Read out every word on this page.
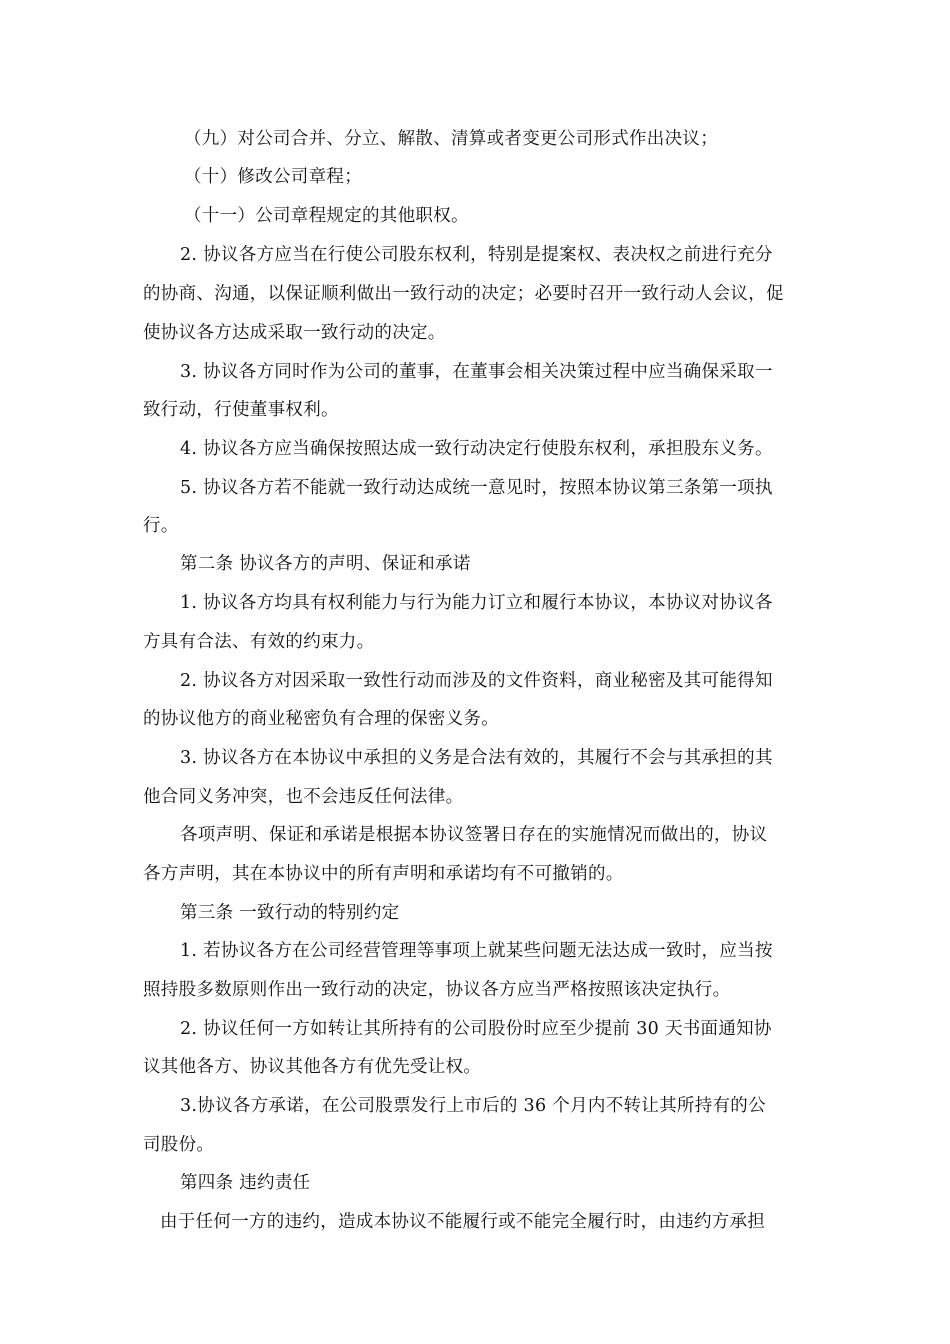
（九）对公司合并、分立、解散、清算或者变更公司形式作出决议；
（十）修改公司章程；
（十一）公司章程规定的其他职权。
2. 协议各方应当在行使公司股东权利，特别是提案权、表决权之前进行充分
的协商、沟通，以保证顺利做出一致行动的决定；必要时召开一致行动人会议，促
使协议各方达成采取一致行动的决定。
3. 协议各方同时作为公司的董事，在董事会相关决策过程中应当确保采取一
致行动，行使董事权利。
4. 协议各方应当确保按照达成一致行动决定行使股东权利，承担股东义务。
5. 协议各方若不能就一致行动达成统一意见时，按照本协议第三条第一项执
行。
第二条 协议各方的声明、保证和承诺
1. 协议各方均具有权利能力与行为能力订立和履行本协议，本协议对协议各
方具有合法、有效的约束力。
2. 协议各方对因采取一致性行动而涉及的文件资料，商业秘密及其可能得知
的协议他方的商业秘密负有合理的保密义务。
3. 协议各方在本协议中承担的义务是合法有效的，其履行不会与其承担的其
他合同义务冲突，也不会违反任何法律。
各项声明、保证和承诺是根据本协议签署日存在的实施情况而做出的，协议
各方声明，其在本协议中的所有声明和承诺均有不可撤销的。
第三条 一致行动的特别约定
1. 若协议各方在公司经营管理等事项上就某些问题无法达成一致时，应当按
照持股多数原则作出一致行动的决定，协议各方应当严格按照该决定执行。
2. 协议任何一方如转让其所持有的公司股份时应至少提前 30 天书面通知协
议其他各方、协议其他各方有优先受让权。
3.协议各方承诺，在公司股票发行上市后的 36 个月内不转让其所持有的公
司股份。
第四条 违约责任
由于任何一方的违约，造成本协议不能履行或不能完全履行时，由违约方承担
